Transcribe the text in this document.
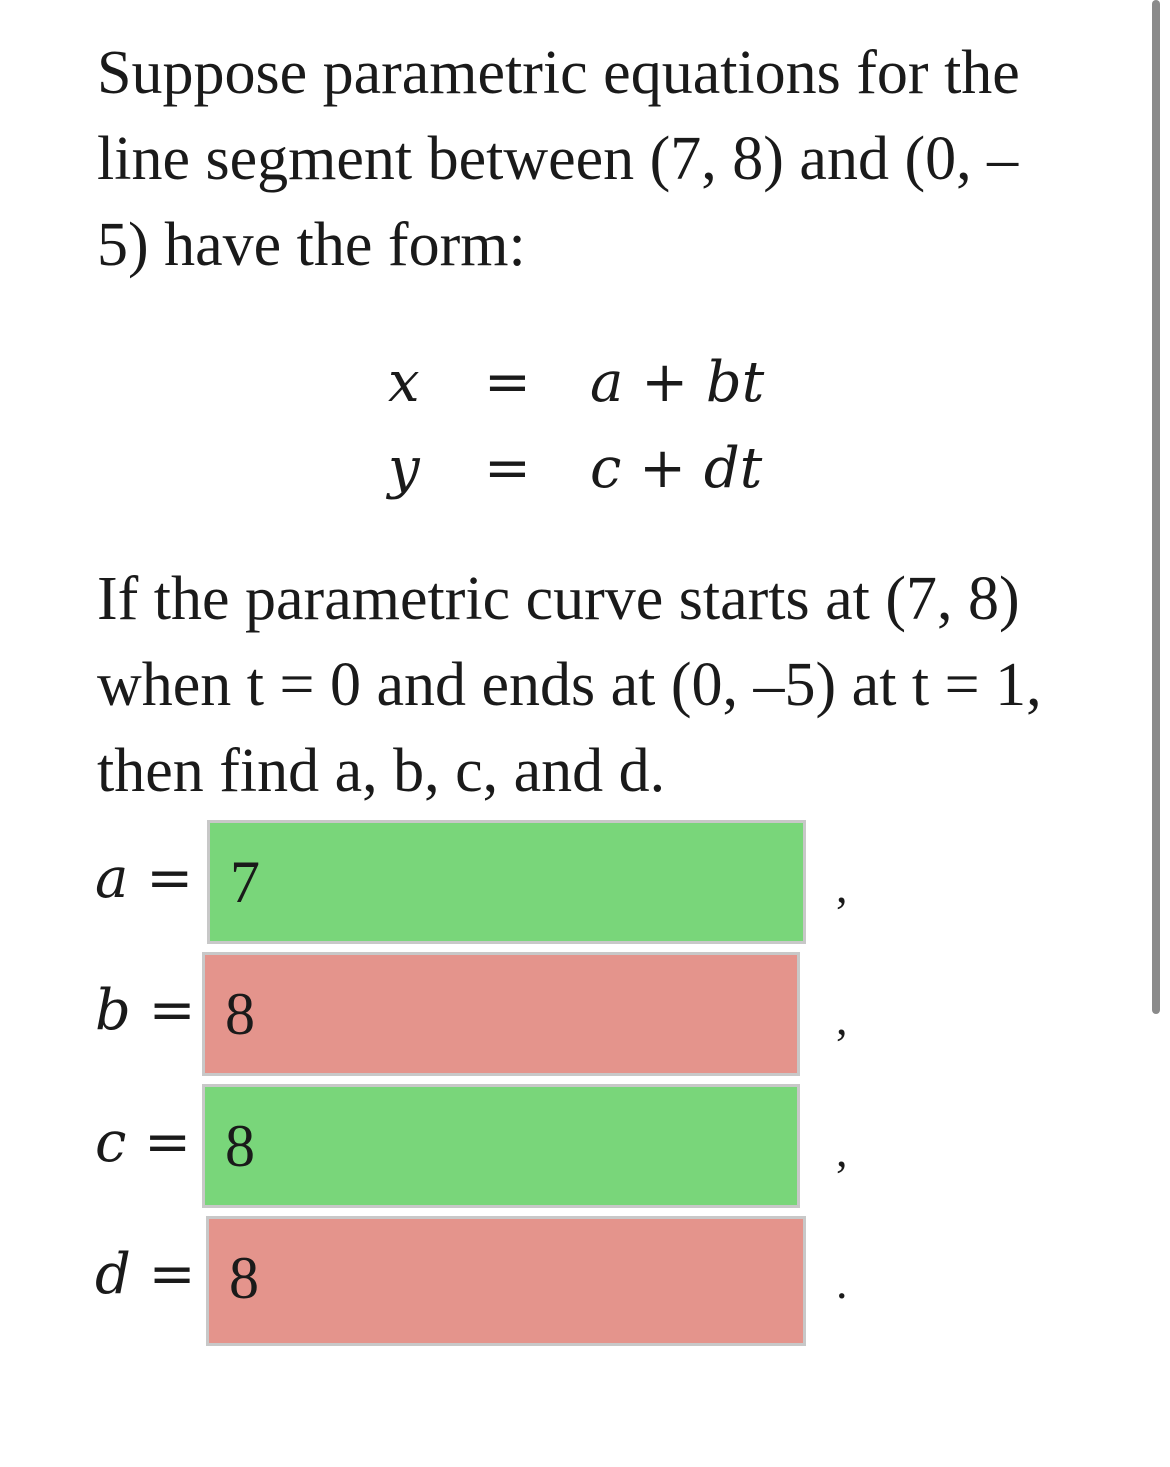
Suppose parametric equations for the line segment between (7, 8) and (0, –5) have the form:

x = a + bt
y = c + dt

If the parametric curve starts at (7, 8) when t = 0 and ends at (0, –5) at t = 1, then find a, b, c, and d.

a = 7	,
b = 8	,
c = 8	,
d = 8	.
